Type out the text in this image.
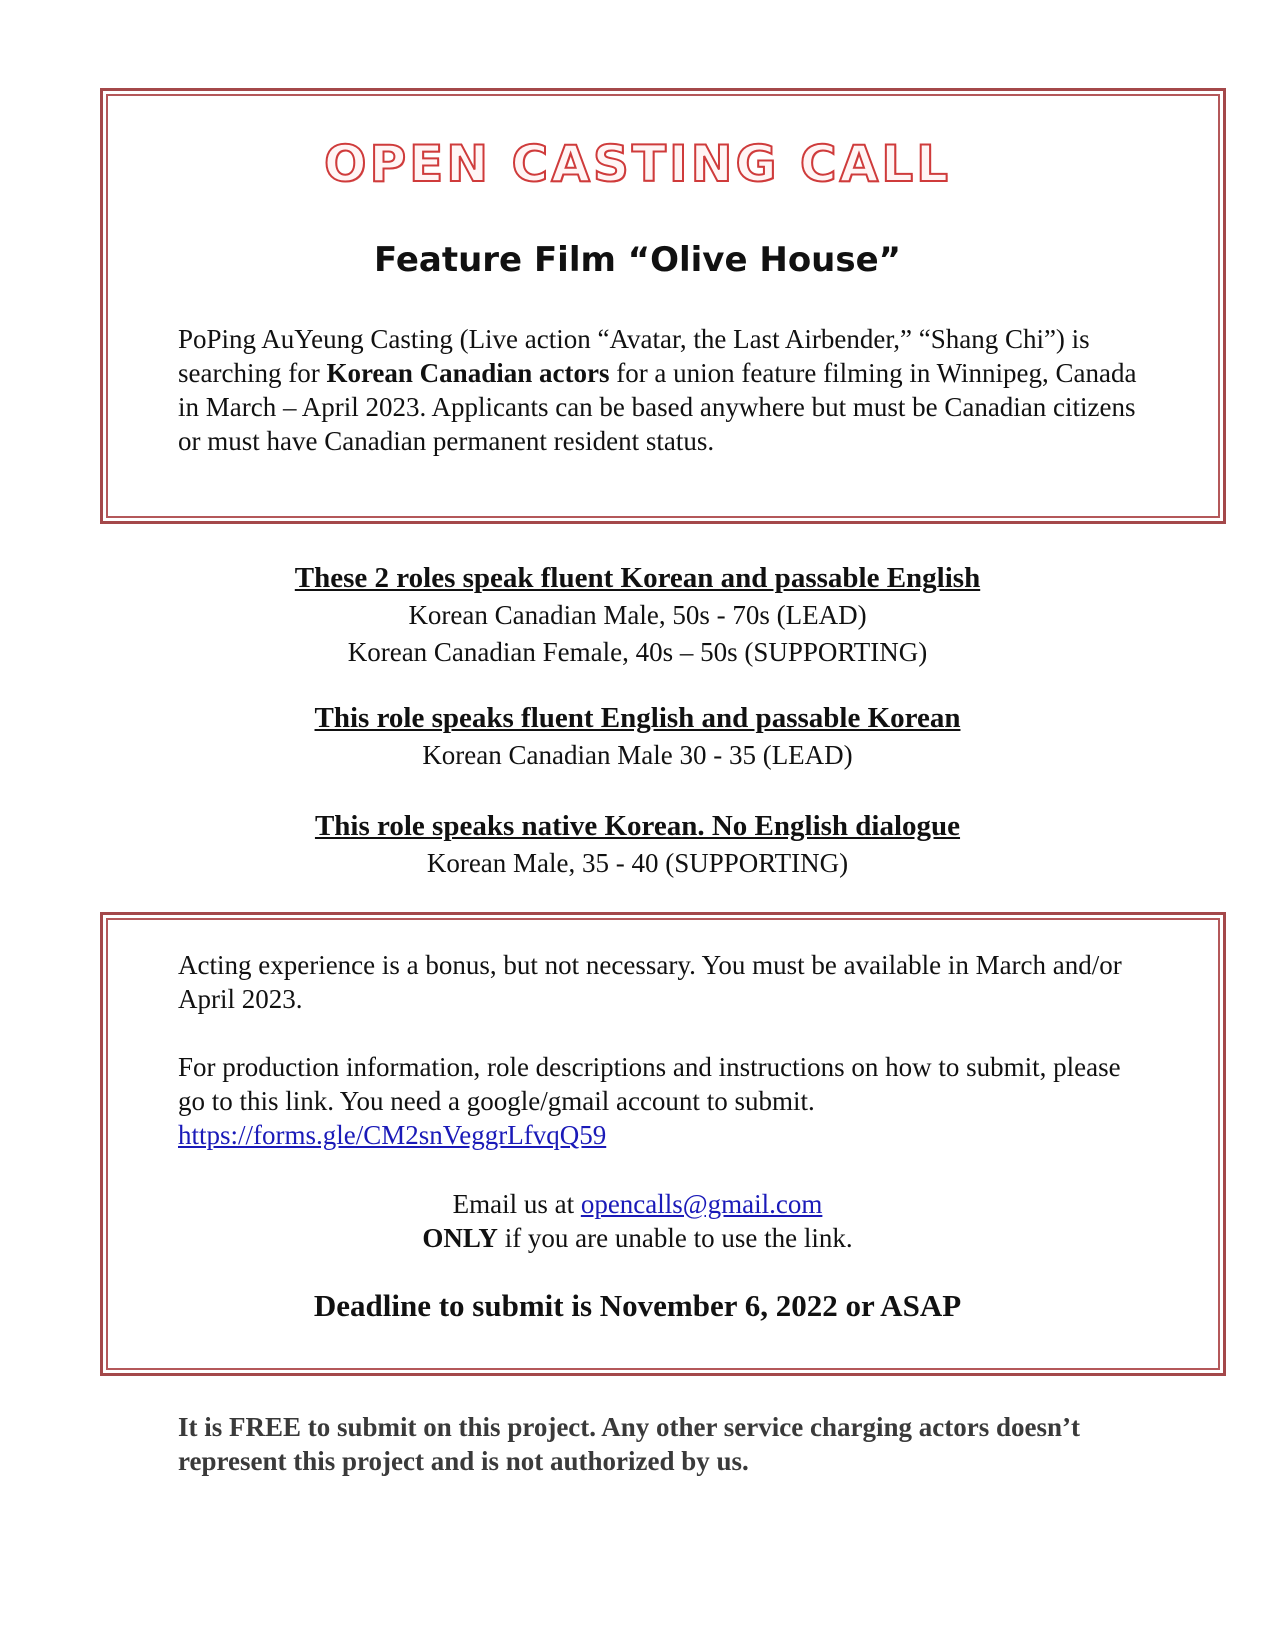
OPEN CASTING CALL
Feature Film “Olive House”
PoPing AuYeung Casting (Live action “Avatar, the Last Airbender,” “Shang Chi”) is searching for Korean Canadian actors for a union feature filming in Winnipeg, Canada in March – April 2023. Applicants can be based anywhere but must be Canadian citizens or must have Canadian permanent resident status.
These 2 roles speak fluent Korean and passable English
Korean Canadian Male, 50s - 70s (LEAD)
Korean Canadian Female, 40s – 50s (SUPPORTING)
This role speaks fluent English and passable Korean
Korean Canadian Male 30 - 35 (LEAD)
This role speaks native Korean. No English dialogue
Korean Male, 35 - 40 (SUPPORTING)
Acting experience is a bonus, but not necessary. You must be available in March and/or April 2023.
For production information, role descriptions and instructions on how to submit, please go to this link. You need a google/gmail account to submit.
https://forms.gle/CM2snVeggrLfvqQ59
Email us at opencalls@gmail.com
ONLY if you are unable to use the link.
Deadline to submit is November 6, 2022 or ASAP
It is FREE to submit on this project. Any other service charging actors doesn’t represent this project and is not authorized by us.
